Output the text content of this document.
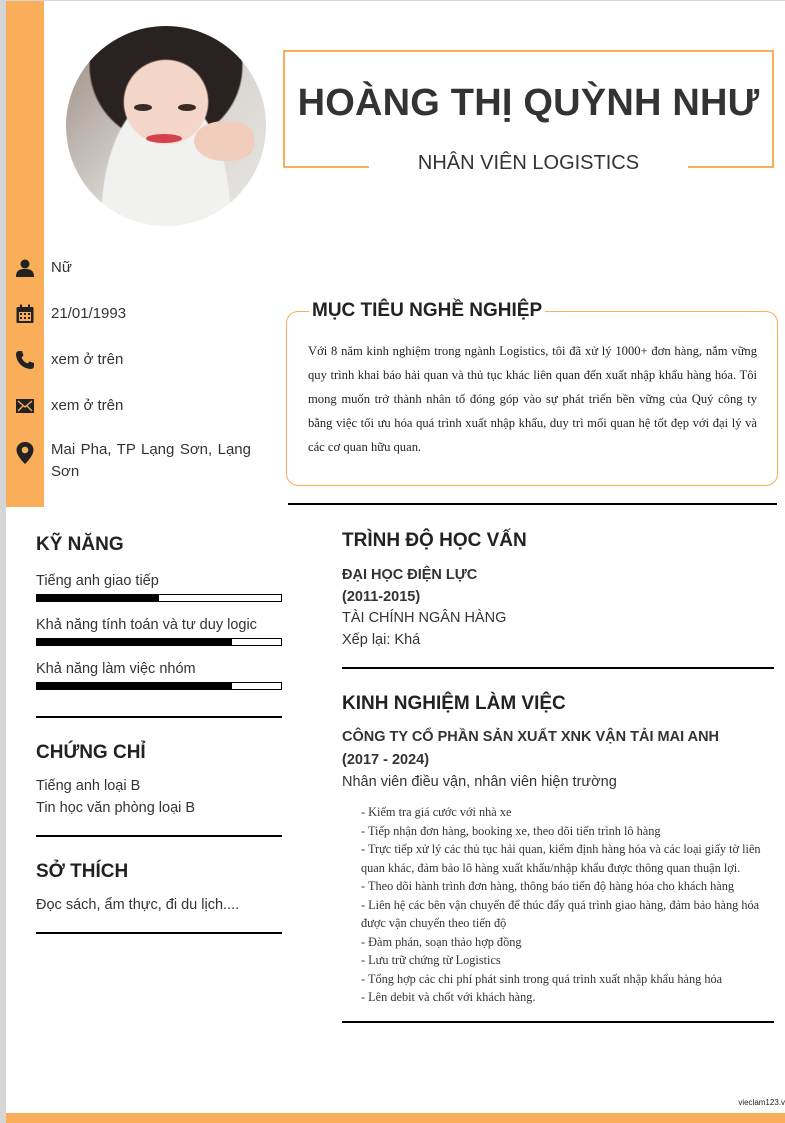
HOÀNG THỊ QUỲNH NHƯ
NHÂN VIÊN LOGISTICS
Nữ
21/01/1993
xem ở trên
xem ở trên
Mai Pha, TP Lạng Sơn, Lạng Sơn
MỤC TIÊU NGHỀ NGHIỆP
Với 8 năm kinh nghiệm trong ngành Logistics, tôi đã xử lý 1000+ đơn hàng, nắm vững quy trình khai báo hải quan và thủ tục khác liên quan đến xuất nhập khẩu hàng hóa. Tôi mong muốn trở thành nhân tố đóng góp vào sự phát triển bền vững của Quý công ty bằng việc tối ưu hóa quá trình xuất nhập khẩu, duy trì mối quan hệ tốt đẹp với đại lý và các cơ quan hữu quan.
KỸ NĂNG
Tiếng anh giao tiếp
Khả năng tính toán và tư duy logic
Khả năng làm việc nhóm
CHỨNG CHỈ
Tiếng anh loại B
Tin học văn phòng loại B
SỞ THÍCH
Đọc sách, ẩm thực, đi du lịch....
TRÌNH ĐỘ HỌC VẤN
ĐẠI HỌC ĐIỆN LỰC
(2011-2015)
TÀI CHÍNH NGÂN HÀNG
Xếp lại: Khá
KINH NGHIỆM LÀM VIỆC
CÔNG TY CỔ PHẦN SẢN XUẤT XNK VẬN TẢI MAI ANH
(2017 - 2024)
Nhân viên điều vận, nhân viên hiện trường
- Kiểm tra giá cước với nhà xe
- Tiếp nhận đơn hàng, booking xe, theo dõi tiến trình lô hàng
- Trực tiếp xử lý các thủ tục hải quan, kiểm định hàng hóa và các loại giấy tờ liên quan khác, đảm bảo lô hàng xuất khẩu/nhập khẩu được thông quan thuận lợi.
- Theo dõi hành trình đơn hàng, thông báo tiến độ hàng hóa cho khách hàng
- Liên hệ các bên vận chuyển để thúc đẩy quá trình giao hàng, đảm bảo hàng hóa được vận chuyển theo tiến độ
- Đàm phán, soạn thảo hợp đồng
- Lưu trữ chứng từ Logistics
- Tổng hợp các chi phí phát sinh trong quá trình xuất nhập khẩu hàng hóa
- Lên debit và chốt với khách hàng.
vieclam123.v
